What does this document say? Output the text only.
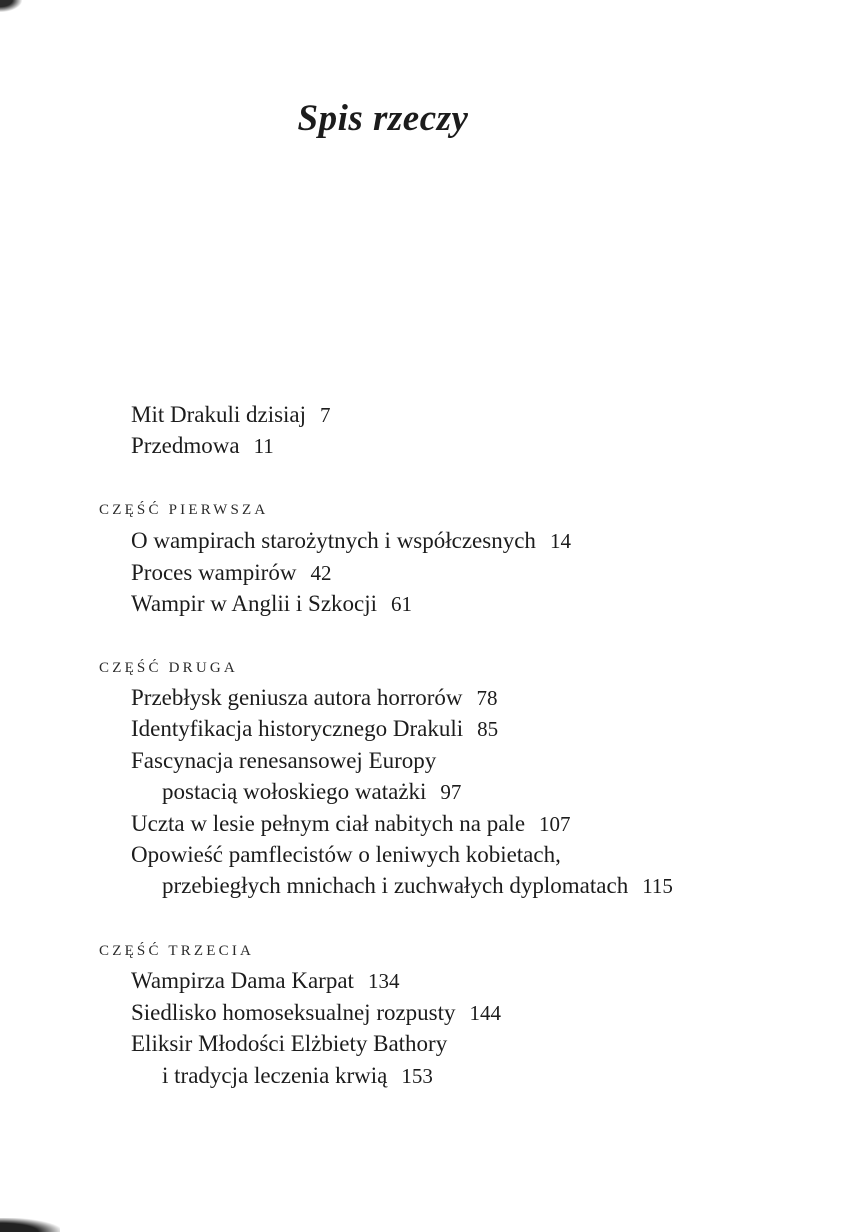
Spis rzeczy
Mit Drakuli dzisiaj 7
Przedmowa 11
CZĘŚĆ PIERWSZA
O wampirach starożytnych i współczesnych 14
Proces wampirów 42
Wampir w Anglii i Szkocji 61
CZĘŚĆ DRUGA
Przebłysk geniusza autora horrorów 78
Identyfikacja historycznego Drakuli 85
Fascynacja renesansowej Europy
postacią wołoskiego watażki 97
Uczta w lesie pełnym ciał nabitych na pale 107
Opowieść pamflecistów o leniwych kobietach,
przebiegłych mnichach i zuchwałych dyplomatach 115
CZĘŚĆ TRZECIA
Wampirza Dama Karpat 134
Siedlisko homoseksualnej rozpusty 144
Eliksir Młodości Elżbiety Bathory
i tradycja leczenia krwią 153
